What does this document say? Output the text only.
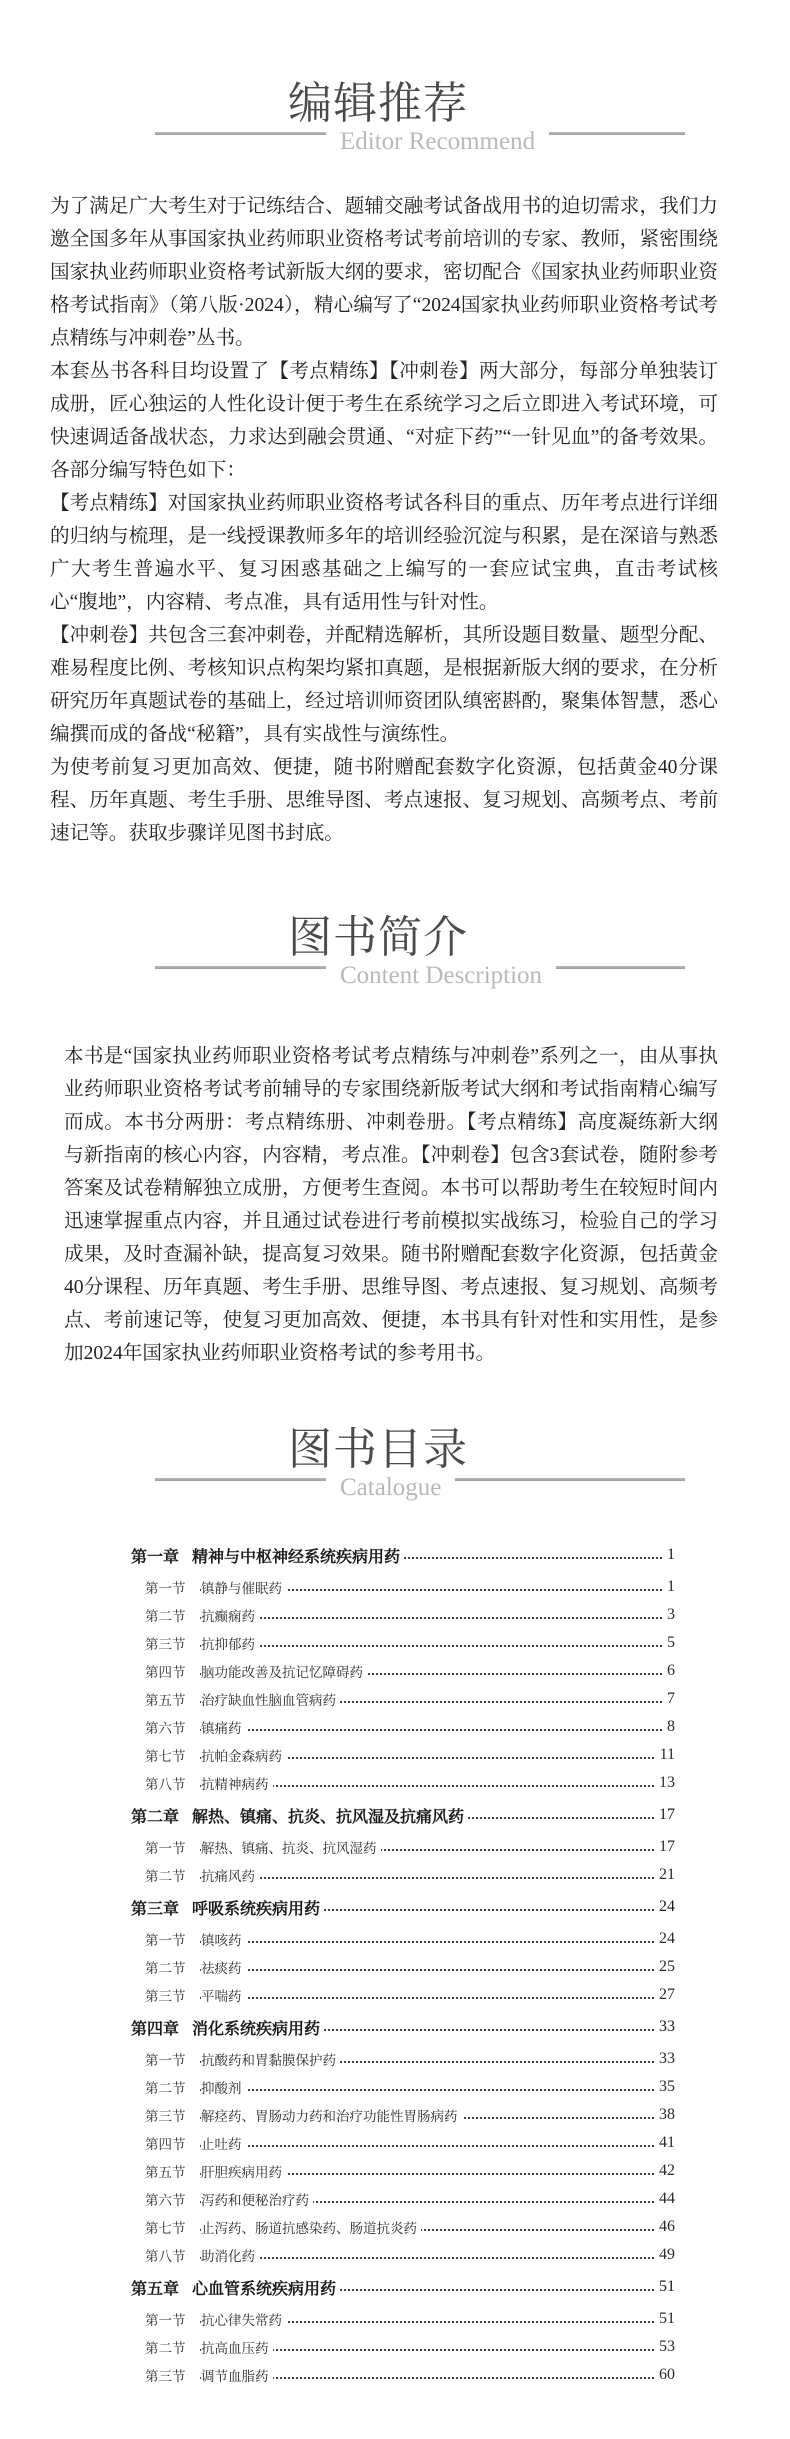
编辑推荐
Editor Recommend

为了满足广大考生对于记练结合、题辅交融考试备战用书的迫切需求，我们力邀全国多年从事国家执业药师职业资格考试考前培训的专家、教师，紧密围绕国家执业药师职业资格考试新版大纲的要求，密切配合《国家执业药师职业资格考试指南》（第八版·2024），精心编写了“2024国家执业药师职业资格考试考点精练与冲刺卷”丛书。

本套丛书各科目均设置了【考点精练】【冲刺卷】两大部分，每部分单独装订成册，匠心独运的人性化设计便于考生在系统学习之后立即进入考试环境，可快速调适备战状态，力求达到融会贯通、“对症下药”“一针见血”的备考效果。各部分编写特色如下：

【考点精练】对国家执业药师职业资格考试各科目的重点、历年考点进行详细的归纳与梳理，是一线授课教师多年的培训经验沉淀与积累，是在深谙与熟悉广大考生普遍水平、复习困惑基础之上编写的一套应试宝典，直击考试核心“腹地”，内容精、考点准，具有适用性与针对性。

【冲刺卷】共包含三套冲刺卷，并配精选解析，其所设题目数量、题型分配、难易程度比例、考核知识点构架均紧扣真题，是根据新版大纲的要求，在分析研究历年真题试卷的基础上，经过培训师资团队缜密斟酌，聚集体智慧，悉心编撰而成的备战“秘籍”，具有实战性与演练性。

为使考前复习更加高效、便捷，随书附赠配套数字化资源，包括黄金40分课程、历年真题、考生手册、思维导图、考点速报、复习规划、高频考点、考前速记等。获取步骤详见图书封底。

图书简介
Content Description

本书是“国家执业药师职业资格考试考点精练与冲刺卷”系列之一，由从事执业药师职业资格考试考前辅导的专家围绕新版考试大纲和考试指南精心编写而成。本书分两册：考点精练册、冲刺卷册。【考点精练】高度凝练新大纲与新指南的核心内容，内容精，考点准。【冲刺卷】包含3套试卷，随附参考答案及试卷精解独立成册，方便考生查阅。本书可以帮助考生在较短时间内迅速掌握重点内容，并且通过试卷进行考前模拟实战练习，检验自己的学习成果，及时查漏补缺，提高复习效果。随书附赠配套数字化资源，包括黄金40分课程、历年真题、考生手册、思维导图、考点速报、复习规划、高频考点、考前速记等，使复习更加高效、便捷，本书具有针对性和实用性，是参加2024年国家执业药师职业资格考试的参考用书。

图书目录
Catalogue
第一章 精神与中枢神经系统疾病用药	1
第一节 镇静与催眠药	1
第二节 抗癫痫药	3
第三节 抗抑郁药	5
第四节 脑功能改善及抗记忆障碍药	6
第五节 治疗缺血性脑血管病药	7
第六节 镇痛药	8
第七节 抗帕金森病药	11
第八节 抗精神病药	13
第二章 解热、镇痛、抗炎、抗风湿及抗痛风药	17
第一节 解热、镇痛、抗炎、抗风湿药	17
第二节 抗痛风药	21
第三章 呼吸系统疾病用药	24
第一节 镇咳药	24
第二节 祛痰药	25
第三节 平喘药	27
第四章 消化系统疾病用药	33
第一节 抗酸药和胃黏膜保护药	33
第二节 抑酸剂	35
第三节 解痉药、胃肠动力药和治疗功能性胃肠病药	38
第四节 止吐药	41
第五节 肝胆疾病用药	42
第六节 泻药和便秘治疗药	44
第七节 止泻药、肠道抗感染药、肠道抗炎药	46
第八节 助消化药	49
第五章 心血管系统疾病用药	51
第一节 抗心律失常药	51
第二节 抗高血压药	53
第三节 调节血脂药	60
